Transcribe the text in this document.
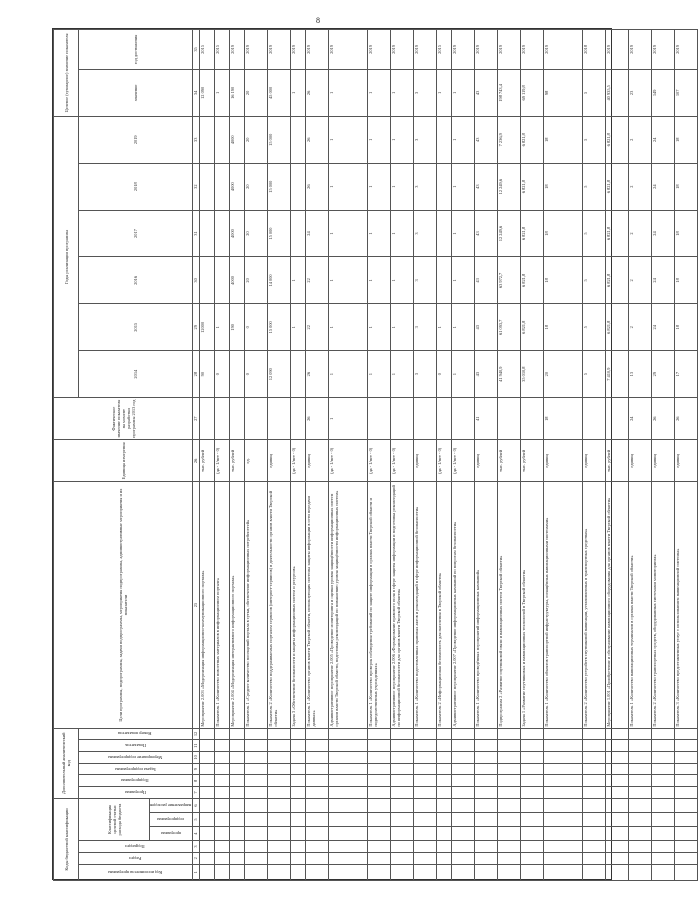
8
Коды бюджетной классификации						Дополнительный аналитический код						Цели программы, подпрограммы, задачи подпрограммы, мероприятия подпрограммы, административные мероприятия и их показатели	Единица измерения	Фактическое значение показателя на момент разработки программы 2013 год	Годы реализации программы						Целевое (суммарное) значение показателя	
Код исполнителя программы	Раздел	Подраздел	Классификация целевой статьи расхода бюджета			Программа	Подпрограмма	Задача подпрограммы	Мероприятие подпрограммы	Показатель	Номер показателя				2014	2015	2016	2017	2018	2019	значение	год достижения
			программа	подпрограмма	направление расходов																	
1	2	3	4	5	6	7	8	9	10	11	12	25	26	27	28	29	30	31	32	33	34	35
												Мероприятие 2.003 «Модернизация информационно-коммуникационного портала»	тыс. рублей		90	12000					12 090	2015
												Показатель 1 «Количество новостных материалов в информационном портале»	(да - 1/нет - 0)		0	1					1	2015
												Мероприятие 2.004 «Модернизация интерактивного информационного портала»	тыс. рублей			190	4000	4000	4000	4000	16 190	2019
												Показатель 1 «Среднее количество посещений портала в сутки, обеспечение информационных потребностей»	ед.		0	0	20	20	20	20	20	2019
												Показатель 2 «Количество поддерживаемых порталом сервисов (интернет-сервисов) в деятельности органов власти Тверской области»	единиц		12 090	15 000	14 000	15 000	15 000	15 000	45 000	2019
												Задача 3 «Обеспечение безопасности и защиты информационных систем и ресурсов»	(да - 1/нет - 0)			1	1				1	2019
												Показатель 1 «Количество органов власти Тверской области, использующих системы защиты информации в сети передачи данных»	единиц	26	26	22	22	24	26	26	26	2019
												Административное мероприятие 2.005 «Проведение мониторинга и оценки уровня защищённости информационных систем органов власти Тверской области, подготовка рекомендаций по повышению уровня защищённости информационных систем»	(да - 1/нет - 0)	1	1	1	1	1	1	1	1	2019
												Показатель 1 «Количество проверок соблюдения требований по защите информации в органах власти Тверской области и подведомственных учреждениях»	(да - 1/нет - 0)		1	1	1	1	1	1	1	2019
												Административное мероприятие 2.006 «Формирование правового поля в сфере защиты информации и подготовка рекомендаций по информационной безопасности для органов власти Тверской области»	(да - 1/нет - 0)		1	1	1	1	1	1	1	2019
												Показатель 1 «Количество подготовленных правовых актов и рекомендаций в сфере информационной безопасности»	единиц		3	3	3	3	3	3	3	2019
												Показатель 2 «Информационная безопасность для населения в Тверской области»	(да - 1/нет - 0)		0	1					1	2015
												Административное мероприятие 2.007 «Проведение информационных кампаний по вопросам безопасности»	(да - 1/нет - 0)		1	1	1	1	1	1	1	2019
												Показатель 1 «Количество проведённых мероприятий информационных кампаний»	единиц	41	43	43	43	43	43	43	43	2019
												Подпрограмма 2 «Развитие спутниковой связи и навигационных систем Тверской области»	тыс. рублей		41 940,9	61 093,7	63 972,7	12 249,6	12 249,6	7 236,9	198 743,4	2019
												Задача 1 «Развитие спутниковых и навигационных технологий в Тверской области»	тыс. рублей		35 010,8	6 821,8	6 821,8	6 821,8	6 821,8	6 821,8	69 119,8	2019
												Показатель 1 «Количество объектов транспортной инфраструктуры, оснащённых навигационными системами»	единиц	18	20	18	18	18	18	18	98	2019
												Показатель 2 «Количество устройств спутниковой навигации, установленных в транспортных средствах»	единиц		5	5	5	5	5	5	5	2018
												Мероприятие 1.001 «Приобретение и обслуживание навигационного оборудования для органов власти Тверской области»	тыс. рублей		7 410,9	6 821,8	6 821,8	6 821,8	6 821,8	6 821,8	40 935,5	2019
												Показатель 1 «Количество навигационных терминалов в органах власти Тверской области»	единиц	24	13	2	2	2	2	2	23	2019
												Показатель 2 «Количество транспортных средств, оборудованных системами мониторинга»	единиц	26	29	24	24	24	24	24	149	2019
												Показатель 3 «Количество предоставленных услуг с использованием навигационной системы»	единиц	26	17	18	18	18	18	18	107	2019
